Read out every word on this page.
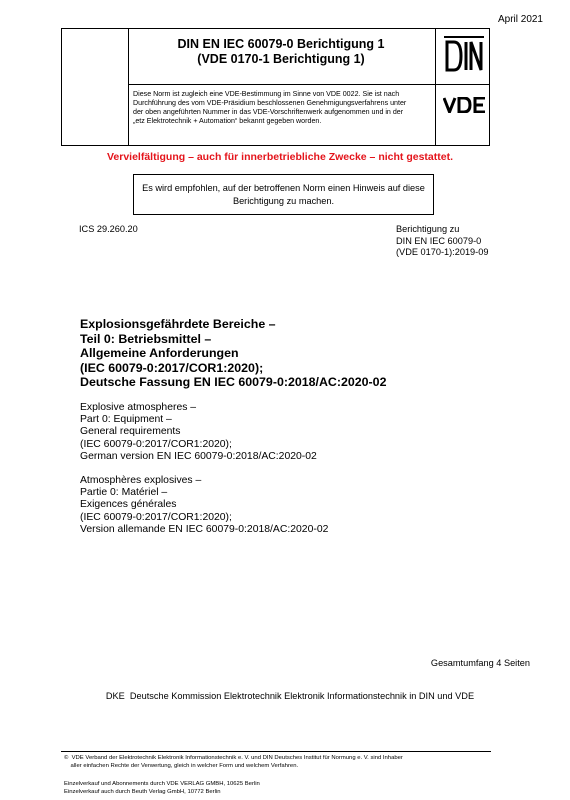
April 2021
DIN EN IEC 60079-0 Berichtigung 1
(VDE 0170-1 Berichtigung 1)
Diese Norm ist zugleich eine VDE-Bestimmung im Sinne von VDE 0022. Sie ist nach
Durchführung des vom VDE-Präsidium beschlossenen Genehmigungsverfahrens unter
der oben angeführten Nummer in das VDE-Vorschriftenwerk aufgenommen und in der
„etz Elektrotechnik + Automation“ bekannt gegeben worden.
Vervielfältigung – auch für innerbetriebliche Zwecke – nicht gestattet.
Es wird empfohlen, auf der betroffenen Norm einen Hinweis auf diese
Berichtigung zu machen.
ICS 29.260.20	Berichtigung zu
DIN EN IEC 60079-0
(VDE 0170-1):2019-09
Explosionsgefährdete Bereiche –
Teil 0: Betriebsmittel –
Allgemeine Anforderungen
(IEC 60079-0:2017/COR1:2020);
Deutsche Fassung EN IEC 60079-0:2018/AC:2020-02
Explosive atmospheres –
Part 0: Equipment –
General requirements
(IEC 60079-0:2017/COR1:2020);
German version EN IEC 60079-0:2018/AC:2020-02
Atmosphères explosives –
Partie 0: Matériel –
Exigences générales
(IEC 60079-0:2017/COR1:2020);
Version allemande EN IEC 60079-0:2018/AC:2020-02
Gesamtumfang 4 Seiten
DKE  Deutsche Kommission Elektrotechnik Elektronik Informationstechnik in DIN und VDE
©  VDE Verband der Elektrotechnik Elektronik Informationstechnik e. V. und DIN Deutsches Institut für Normung e. V. sind Inhaber
aller einfachen Rechte der Verwertung, gleich in welcher Form und welchem Verfahren.
Einzelverkauf und Abonnements durch VDE VERLAG GMBH, 10625 Berlin
Einzelverkauf auch durch Beuth Verlag GmbH, 10772 Berlin
